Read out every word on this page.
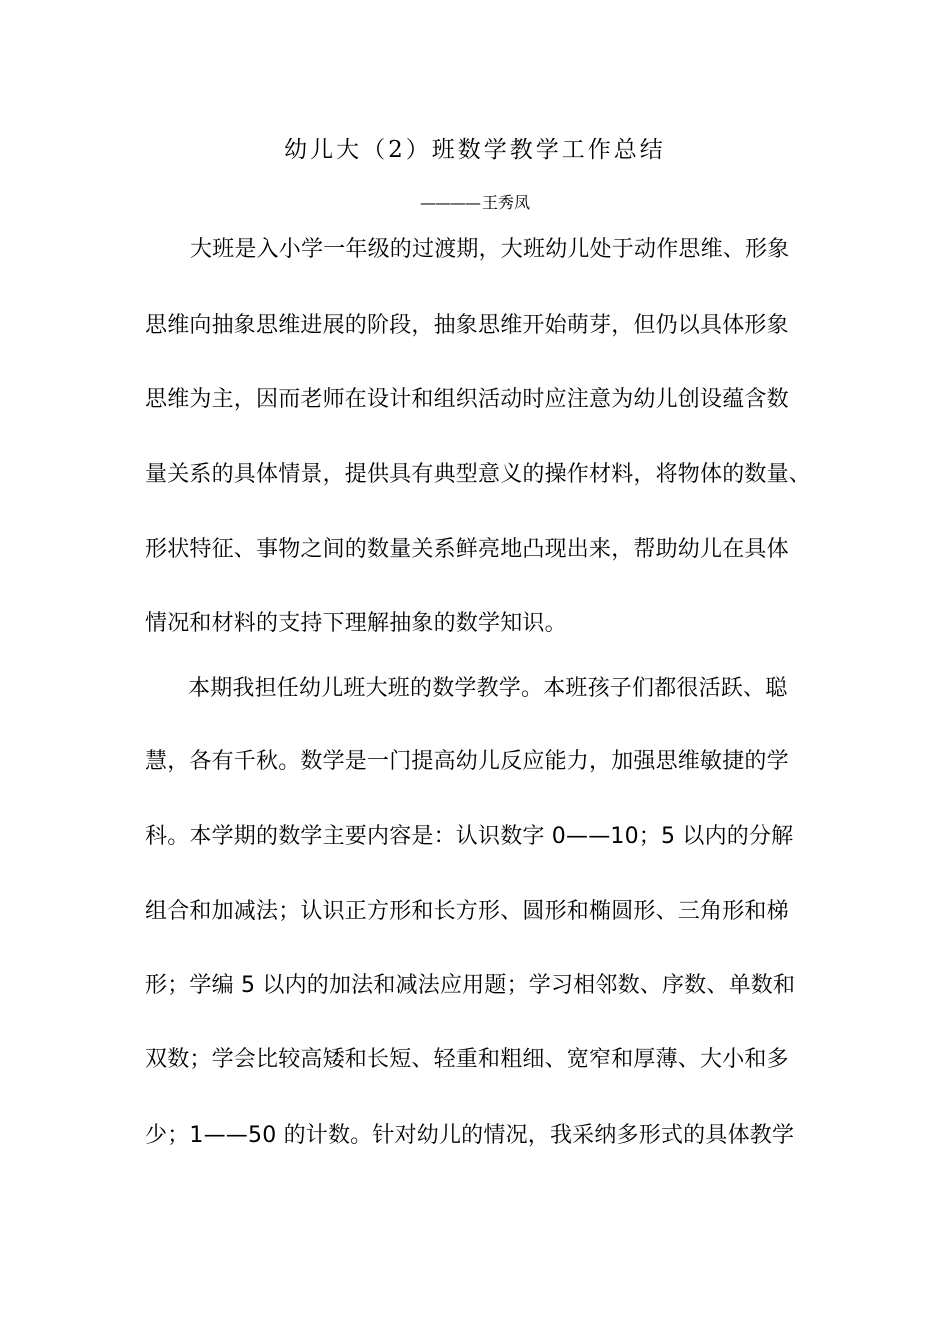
幼儿大（2）班数学教学工作总结
———— 王秀凤
大班是入小学一年级的过渡期，大班幼儿处于动作思维、形象
思维向抽象思维进展的阶段，抽象思维开始萌芽，但仍以具体形象
思维为主，因而老师在设计和组织活动时应注意为幼儿创设蕴含数
量关系的具体情景，提供具有典型意义的操作材料，将物体的数量、
形状特征、事物之间的数量关系鲜亮地凸现出来，帮助幼儿在具体
情况和材料的支持下理解抽象的数学知识。
本期我担任幼儿班大班的数学教学。本班孩子们都很活跃、聪
慧，各有千秋。数学是一门提高幼儿反应能力，加强思维敏捷的学
科。本学期的数学主要内容是：认识数字 0——10；5 以内的分解
组合和加减法；认识正方形和长方形、圆形和椭圆形、三角形和梯
形；学编 5 以内的加法和减法应用题；学习相邻数、序数、单数和
双数；学会比较高矮和长短、轻重和粗细、宽窄和厚薄、大小和多
少；1——50 的计数。针对幼儿的情况，我采纳多形式的具体教学
